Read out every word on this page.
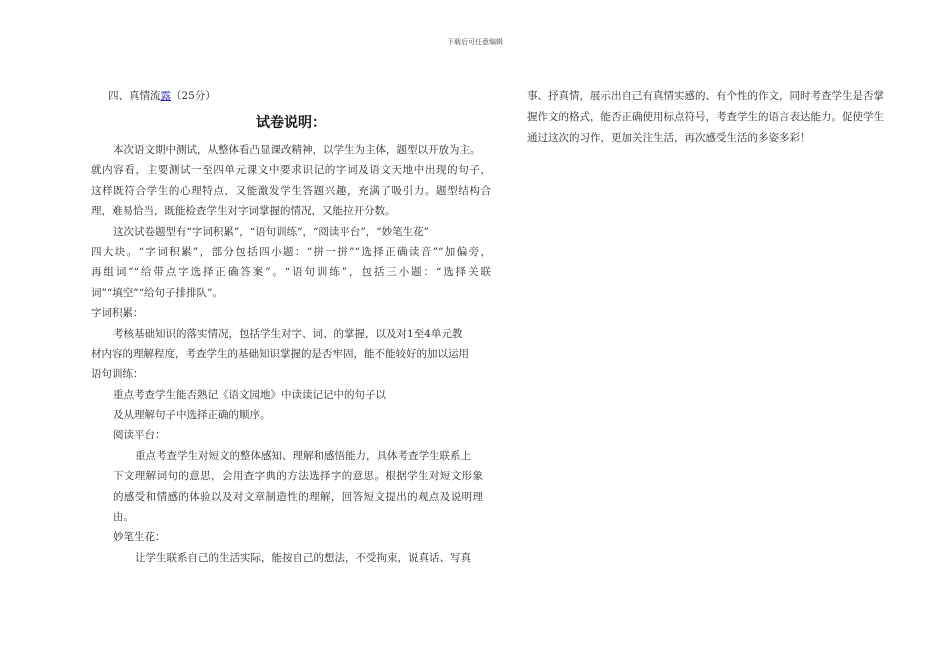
下载后可任意编辑
四、真情流露（25分）
试卷说明：
本次语文期中测试，从整体看凸显课改精神，以学生为主体，题型以开放为主。
就内容看，主要测试一至四单元课文中要求识记的字词及语文天地中出现的句子，
这样既符合学生的心理特点，又能激发学生答题兴趣，充满了吸引力。题型结构合
理，难易恰当，既能检查学生对字词掌握的情况，又能拉开分数。
这次试卷题型有“字词积累”，“语句训练”，“阅读平台”，“妙笔生花”
四大块。“字词积累”，部分包括四小题：“拼一拼”“选择正确读音”“加偏旁，
再组词”“给带点字选择正确答案”。“语句训练”，包括三小题：“选择关联
词”“填空”“给句子排排队”。
字词积累：
考核基础知识的落实情况，包括学生对字、词、的掌握，以及对1至4单元教
材内容的理解程度，考查学生的基础知识掌握的是否牢固，能不能较好的加以运用
语句训练：
重点考查学生能否熟记《语文园地》中读读记记中的句子以
及从理解句子中选择正确的顺序。
阅读平台：
重点考查学生对短文的整体感知、理解和感悟能力，具体考查学生联系上
下文理解词句的意思，会用查字典的方法选择字的意思。根据学生对短文形象
的感受和情感的体验以及对文章制造性的理解，回答短文提出的观点及说明理
由。
妙笔生花：
让学生联系自己的生活实际，能按自己的想法，不受拘束，说真话、写真
事、抒真情，展示出自己有真情实感的、有个性的作文，同时考查学生是否掌
握作文的格式，能否正确使用标点符号，考查学生的语言表达能力。促使学生
通过这次的习作，更加关注生活，再次感受生活的多姿多彩！
